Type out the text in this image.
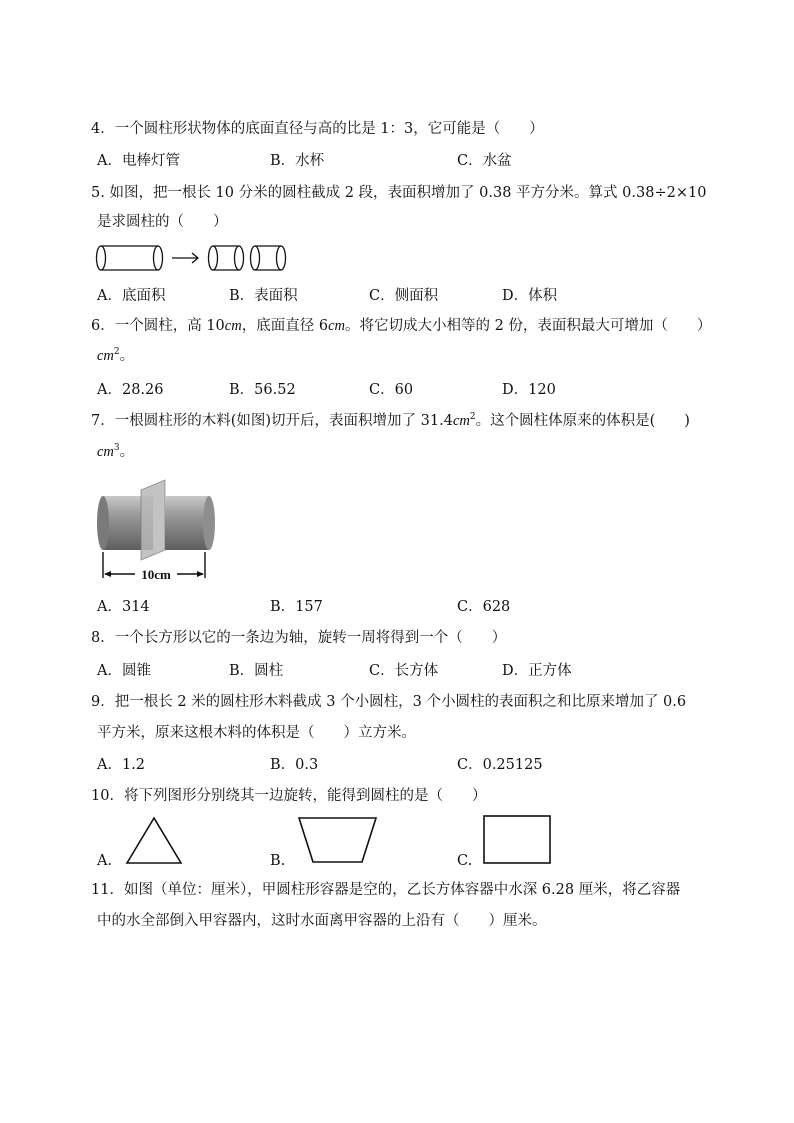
4．一个圆柱形状物体的底面直径与高的比是 1：3，它可能是（　　）
A．电棒灯管	B．水杯	C．水盆
5. 如图，把一根长 10 分米的圆柱截成 2 段，表面积增加了 0.38 平方分米。算式 0.38÷2×10
是求圆柱的（　　）
A．底面积	B．表面积	C．侧面积	D．体积
6．一个圆柱，高 10cm，底面直径 6cm。将它切成大小相等的 2 份，表面积最大可增加（　　）
$cm^2$。
A．28.26	B．56.52	C．60	D．120
7．一根圆柱形的木料(如图)切开后，表面积增加了 $31.4cm^2$。这个圆柱体原来的体积是(　　)
$cm^3$。
10cm
A．314	B．157	C．628
8．一个长方形以它的一条边为轴，旋转一周将得到一个（　　）
A．圆锥	B．圆柱	C．长方体	D．正方体
9．把一根长 2 米的圆柱形木料截成 3 个小圆柱，3 个小圆柱的表面积之和比原来增加了 0.6
平方米，原来这根木料的体积是（　　）立方米。
A．1.2	B．0.3	C．0.25125
10．将下列图形分别绕其一边旋转，能得到圆柱的是（　　）
A.	B.	C.
11．如图（单位：厘米），甲圆柱形容器是空的，乙长方体容器中水深 6.28 厘米，将乙容器
中的水全部倒入甲容器内，这时水面离甲容器的上沿有（　　）厘米。
